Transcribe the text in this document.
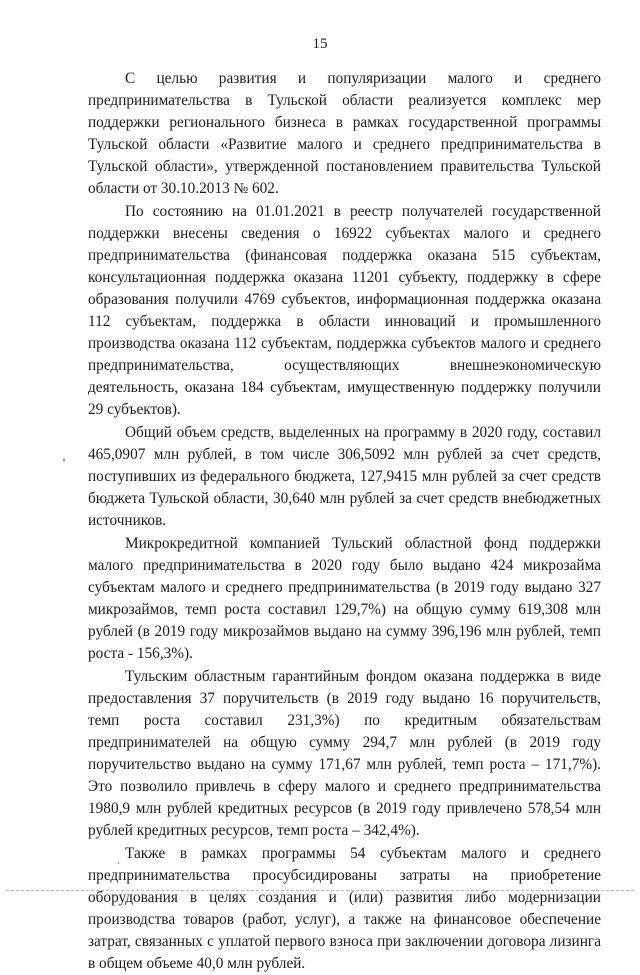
15

С целью развития и популяризации малого и среднего предпринимательства в Тульской области реализуется комплекс мер поддержки регионального бизнеса в рамках государственной программы Тульской области «Развитие малого и среднего предпринимательства в Тульской области», утвержденной постановлением правительства Тульской области от 30.10.2013 № 602.

По состоянию на 01.01.2021 в реестр получателей государственной поддержки внесены сведения о 16922 субъектах малого и среднего предпринимательства (финансовая поддержка оказана 515 субъектам, консультационная поддержка оказана 11201 субъекту, поддержку в сфере образования получили 4769 субъектов, информационная поддержка оказана 112 субъектам, поддержка в области инноваций и промышленного производства оказана 112 субъектам, поддержка субъектов малого и среднего предпринимательства, осуществляющих внешнеэкономическую деятельность, оказана 184 субъектам, имущественную поддержку получили 29 субъектов).

Общий объем средств, выделенных на программу в 2020 году, составил 465,0907 млн рублей, в том числе 306,5092 млн рублей за счет средств, поступивших из федерального бюджета, 127,9415 млн рублей за счет средств бюджета Тульской области, 30,640 млн рублей за счет средств внебюджетных источников.

Микрокредитной компанией Тульский областной фонд поддержки малого предпринимательства в 2020 году было выдано 424 микрозайма субъектам малого и среднего предпринимательства (в 2019 году выдано 327 микрозаймов, темп роста составил 129,7%) на общую сумму 619,308 млн рублей (в 2019 году микрозаймов выдано на сумму 396,196 млн рублей, темп роста - 156,3%).

Тульским областным гарантийным фондом оказана поддержка в виде предоставления 37 поручительств (в 2019 году выдано 16 поручительств, темп роста составил 231,3%) по кредитным обязательствам предпринимателей на общую сумму 294,7 млн рублей (в 2019 году поручительство выдано на сумму 171,67 млн рублей, темп роста – 171,7%). Это позволило привлечь в сферу малого и среднего предпринимательства 1980,9 млн рублей кредитных ресурсов (в 2019 году привлечено 578,54 млн рублей кредитных ресурсов, темп роста – 342,4%).

Также в рамках программы 54 субъектам малого и среднего предпринимательства просубсидированы затраты на приобретение оборудования в целях создания и (или) развития либо модернизации производства товаров (работ, услуг), а также на финансовое обеспечение затрат, связанных с уплатой первого взноса при заключении договора лизинга в общем объеме 40,0 млн рублей.
